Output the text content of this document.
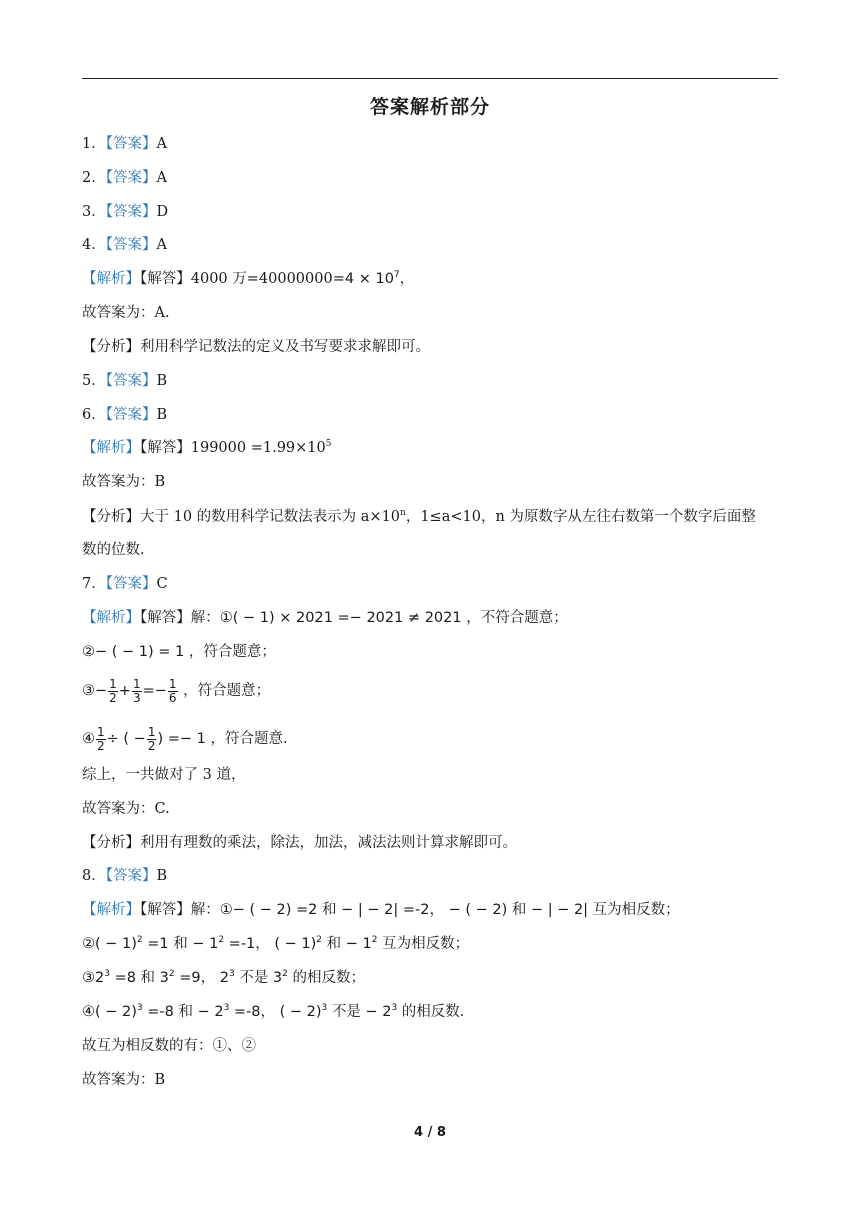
答案解析部分
1．【答案】A
2．【答案】A
3．【答案】D
4．【答案】A
【解析】【解答】4000 万$=40000000=4 \times 10^7$，
故答案为：A.
【分析】利用科学记数法的定义及书写要求求解即可。
5．【答案】B
6．【答案】B
【解析】【解答】$199000 =1.99\times 10^5$
故答案为：B
【分析】大于 10 的数用科学记数法表示为 $a\times 10^n$，1≤a<10，n 为原数字从左往右数第一个数字后面整
数的位数.
7．【答案】C
【解析】【解答】解：①( − 1) × 2021 =− 2021 ≠ 2021 ，不符合题意；
②− ( − 1) = 1 ，符合题意；
③− $\frac{1}{2} + \frac{1}{3} =- \frac{1}{6}$ ，符合题意；
④ $\frac{1}{2}$ ÷ ( − $\frac{1}{2}$ ) =− 1 ，符合题意.
综上，一共做对了 3 道，
故答案为：C.
【分析】利用有理数的乘法，除法，加法，减法法则计算求解即可。
8．【答案】B
【解析】【解答】解：①− ( − 2) =2 和 − | − 2| =-2， − ( − 2) 和 − | − 2| 互为相反数；
②( − 1)$^2$ =1 和 − $1^2 =-1$， ( − 1)$^2$ 和 − $1^2$ 互为相反数；
$③2^3 =8$ 和 $3^2 =9$， $2^3$ 不是 $3^2$ 的相反数；
④( − 2)$^3$ =-8 和 − $2^3 =-8$， ( − 2)$^3$ 不是 − $2^3$ 的相反数.
故互为相反数的有：①、②
故答案为：B
4 / 8
